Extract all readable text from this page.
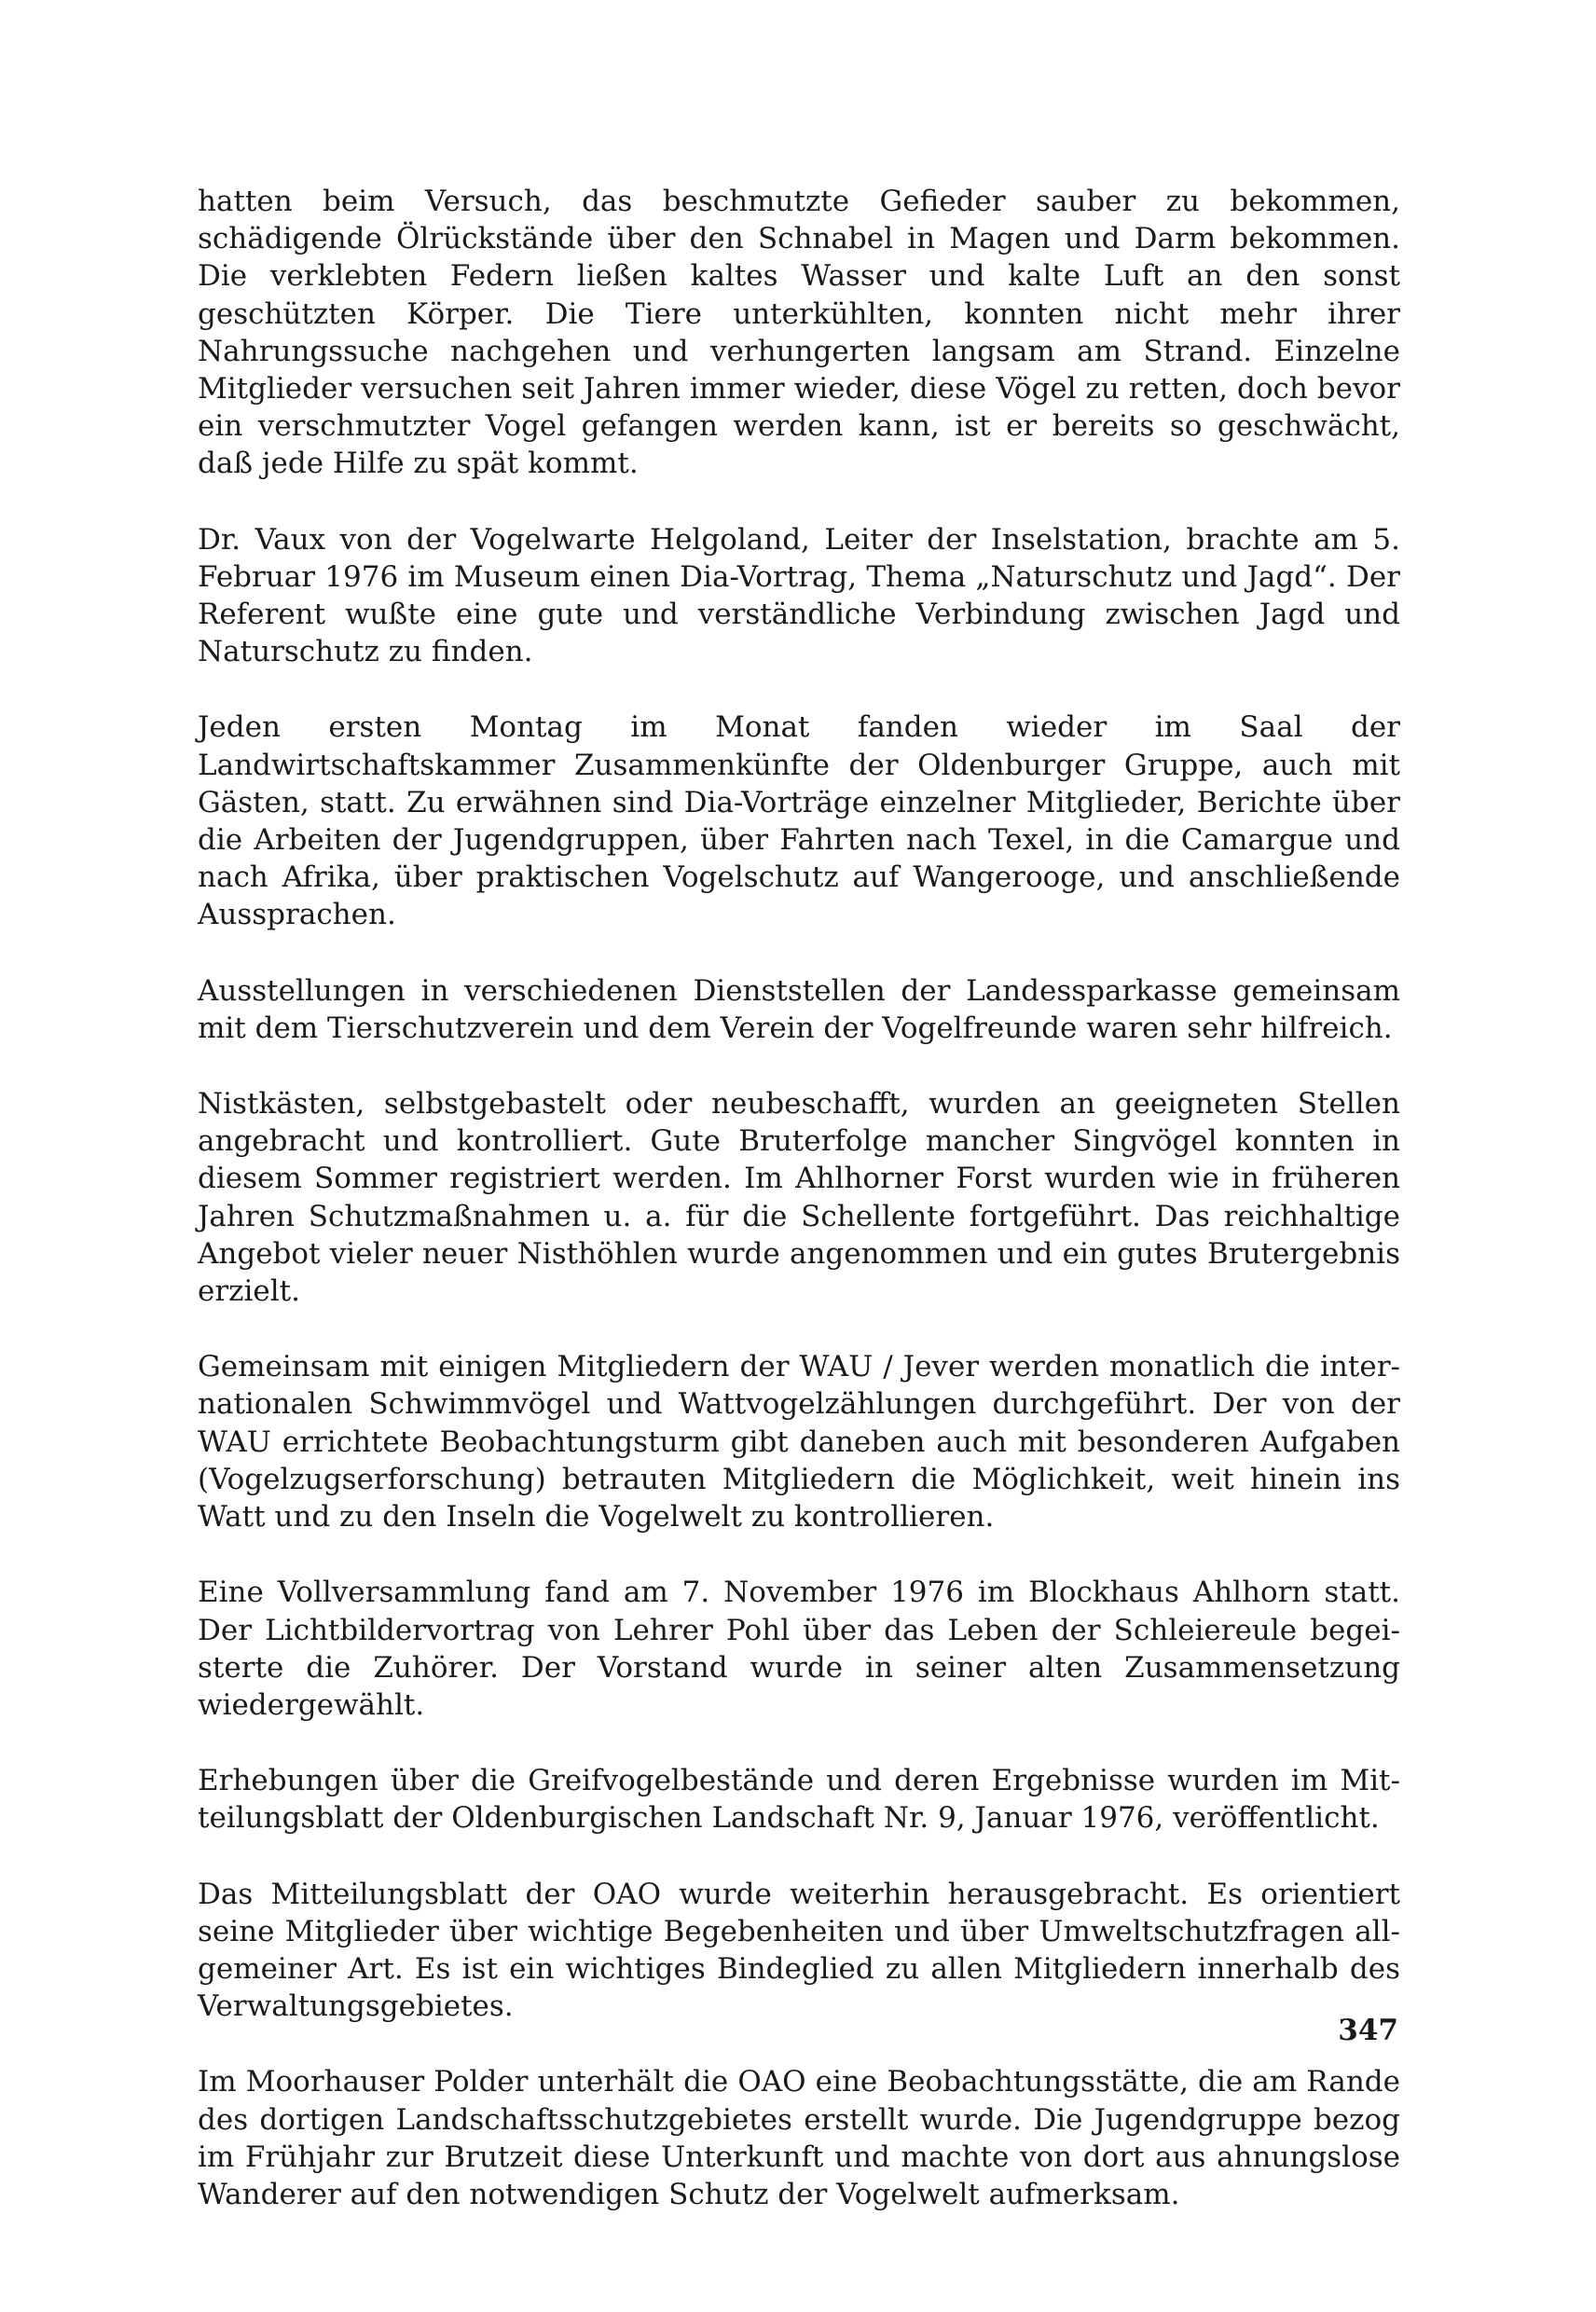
hatten beim Versuch, das beschmutzte Gefieder sauber zu bekommen, schädigende Ölrückstände über den Schnabel in Magen und Darm bekommen. Die verklebten Federn ließen kaltes Wasser und kalte Luft an den sonst geschützten Körper. Die Tiere unterkühlten, konnten nicht mehr ihrer Nahrungssuche nachgehen und verhungerten langsam am Strand. Einzelne Mitglieder versuchen seit Jahren immer wieder, diese Vögel zu retten, doch bevor ein verschmutzter Vogel gefangen werden kann, ist er bereits so geschwächt, daß jede Hilfe zu spät kommt.

Dr. Vaux von der Vogelwarte Helgoland, Leiter der Inselstation, brachte am 5. Februar 1976 im Museum einen Dia-Vortrag, Thema „Naturschutz und Jagd“. Der Referent wußte eine gute und verständliche Verbindung zwischen Jagd und Naturschutz zu finden.

Jeden ersten Montag im Monat fanden wieder im Saal der Landwirtschaftskammer Zusammenkünfte der Oldenburger Gruppe, auch mit Gästen, statt. Zu erwähnen sind Dia-Vorträge einzelner Mitglieder, Berichte über die Arbeiten der Jugendgruppen, über Fahrten nach Texel, in die Camargue und nach Afrika, über praktischen Vogelschutz auf Wangerooge, und anschließende Aussprachen.

Ausstellungen in verschiedenen Dienststellen der Landessparkasse gemeinsam mit dem Tierschutzverein und dem Verein der Vogelfreunde waren sehr hilfreich.

Nistkästen, selbstgebastelt oder neubeschafft, wurden an geeigneten Stellen angebracht und kontrolliert. Gute Bruterfolge mancher Singvögel konnten in diesem Sommer registriert werden. Im Ahlhorner Forst wurden wie in früheren Jahren Schutzmaßnahmen u. a. für die Schellente fortgeführt. Das reichhaltige Angebot vieler neuer Nisthöhlen wurde angenommen und ein gutes Brutergebnis erzielt.

Gemeinsam mit einigen Mitgliedern der WAU / Jever werden monatlich die internationalen Schwimmvögel und Wattvogelzählungen durchgeführt. Der von der WAU errichtete Beobachtungsturm gibt daneben auch mit besonderen Aufgaben (Vogelzugserforschung) betrauten Mitgliedern die Möglichkeit, weit hinein ins Watt und zu den Inseln die Vogelwelt zu kontrollieren.

Eine Vollversammlung fand am 7. November 1976 im Blockhaus Ahlhorn statt. Der Lichtbildervortrag von Lehrer Pohl über das Leben der Schleiereule begeisterte die Zuhörer. Der Vorstand wurde in seiner alten Zusammensetzung wiedergewählt.

Erhebungen über die Greifvogelbestände und deren Ergebnisse wurden im Mitteilungsblatt der Oldenburgischen Landschaft Nr. 9, Januar 1976, veröffentlicht.

Das Mitteilungsblatt der OAO wurde weiterhin herausgebracht. Es orientiert seine Mitglieder über wichtige Begebenheiten und über Umweltschutzfragen allgemeiner Art. Es ist ein wichtiges Bindeglied zu allen Mitgliedern innerhalb des Verwaltungsgebietes.

Im Moorhauser Polder unterhält die OAO eine Beobachtungsstätte, die am Rande des dortigen Landschaftsschutzgebietes erstellt wurde. Die Jugendgruppe bezog im Frühjahr zur Brutzeit diese Unterkunft und machte von dort aus ahnungslose Wanderer auf den notwendigen Schutz der Vogelwelt aufmerksam.

347
